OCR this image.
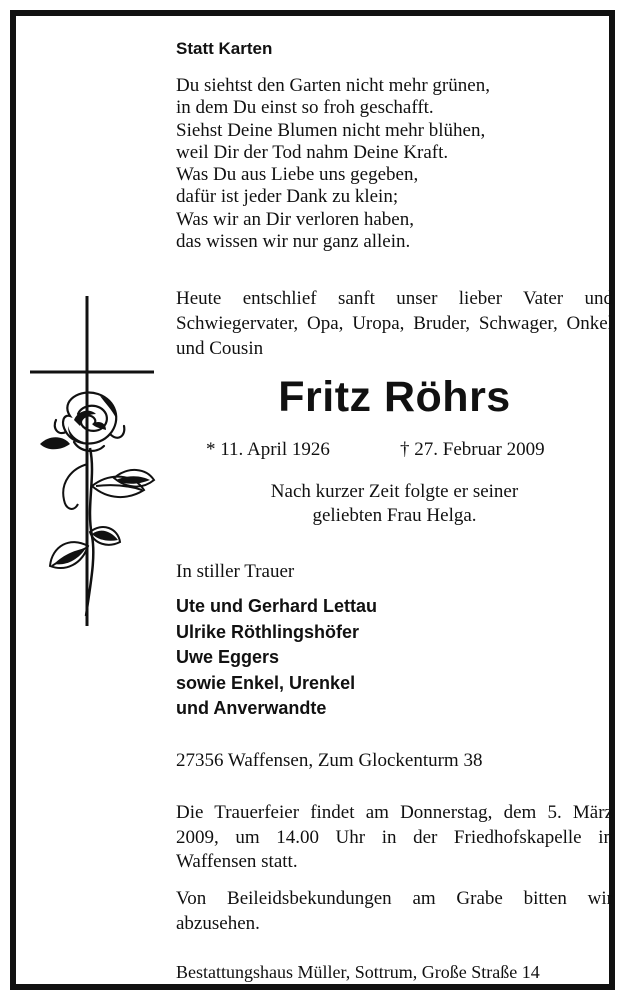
Statt Karten
Du siehtst den Garten nicht mehr grünen,
in dem Du einst so froh geschafft.
Siehst Deine Blumen nicht mehr blühen,
weil Dir der Tod nahm Deine Kraft.
Was Du aus Liebe uns gegeben,
dafür ist jeder Dank zu klein;
Was wir an Dir verloren haben,
das wissen wir nur ganz allein.
Heute entschlief sanft unser lieber Vater und Schwiegervater, Opa, Uropa, Bruder, Schwager, Onkel und Cousin
Fritz Röhrs
* 11. April 1926	† 27. Februar 2009
Nach kurzer Zeit folgte er seiner
geliebten Frau Helga.
In stiller Trauer
Ute und Gerhard Lettau
Ulrike Röthlingshöfer
Uwe Eggers
sowie Enkel, Urenkel
und Anverwandte
27356 Waffensen, Zum Glockenturm 38
Die Trauerfeier findet am Donnerstag, dem 5. März 2009, um 14.00 Uhr in der Friedhofskapelle in Waffensen statt.
Von Beileidsbekundungen am Grabe bitten wir abzusehen.
Bestattungshaus Müller, Sottrum, Große Straße 14
